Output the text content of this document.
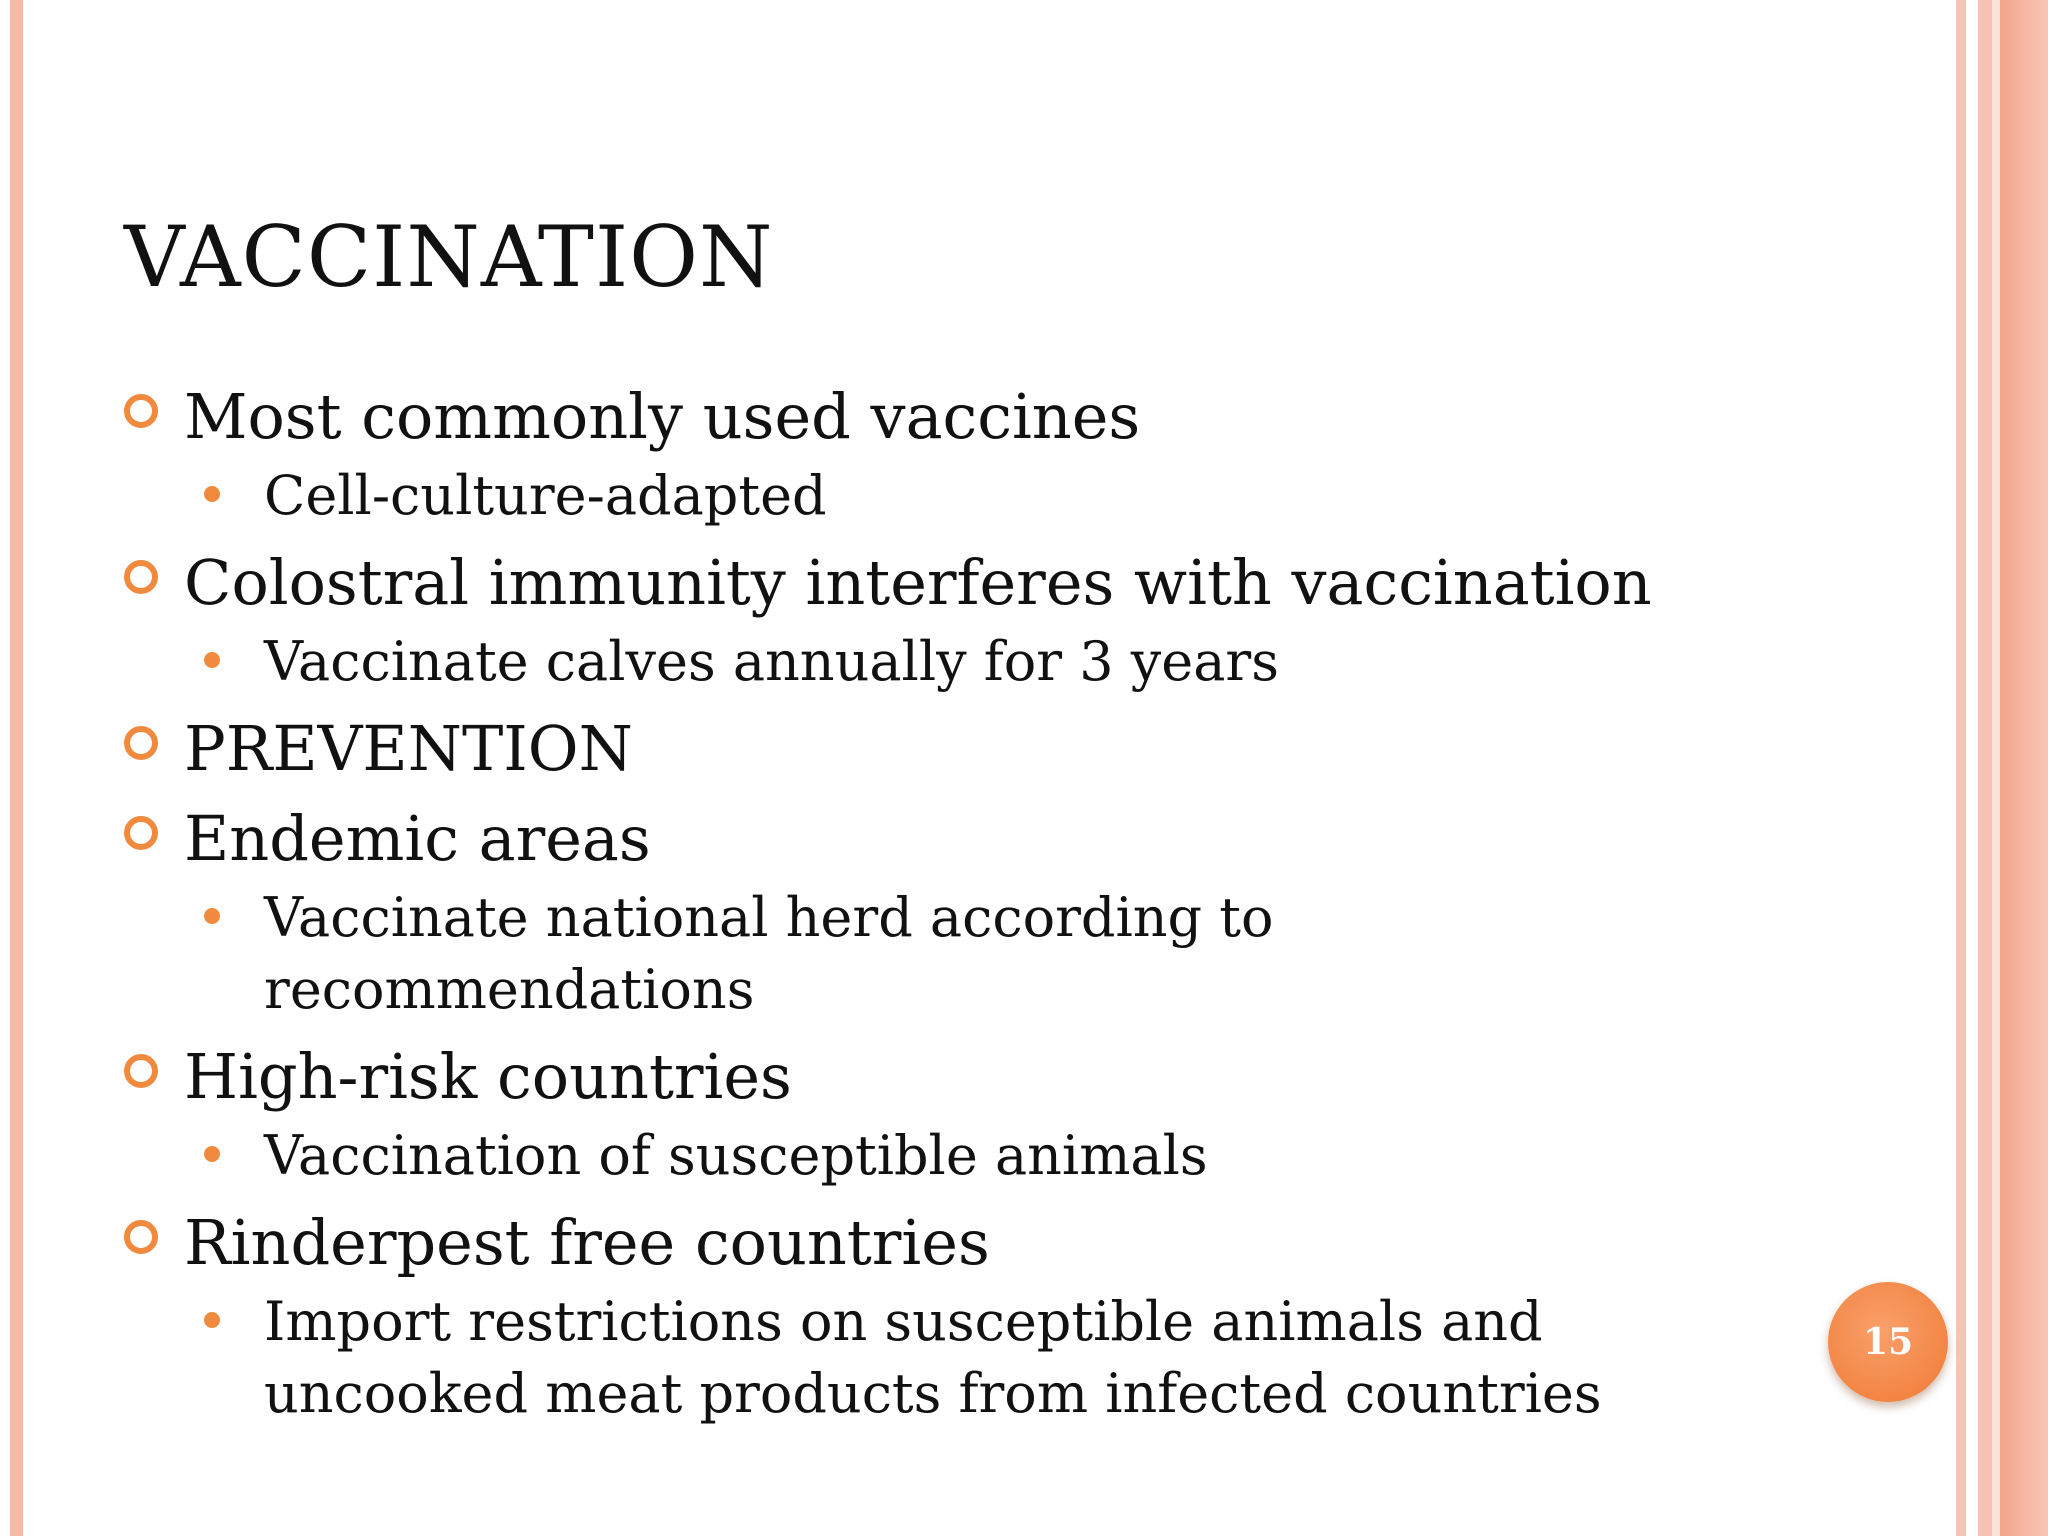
VACCINATION
Most commonly used vaccines
Cell-culture-adapted
Colostral immunity interferes with vaccination
Vaccinate calves annually for 3 years
PREVENTION
Endemic areas
Vaccinate national herd according to recommendations
High-risk countries
Vaccination of susceptible animals
Rinderpest free countries
Import restrictions on susceptible animals and uncooked meat products from infected countries
15
